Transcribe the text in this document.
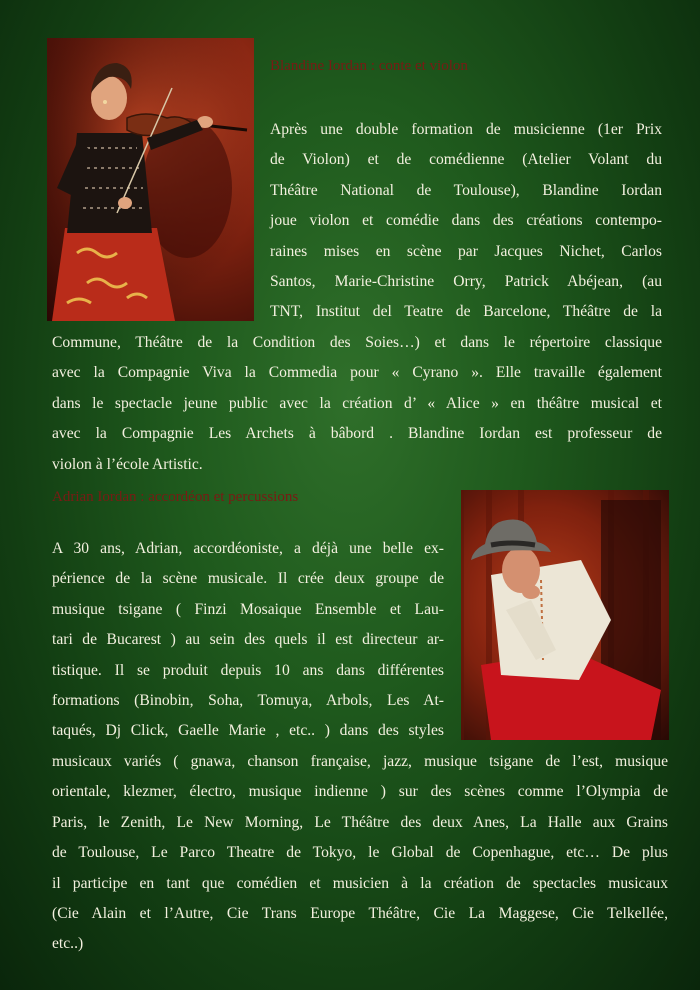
Blandine Iordan : conte et violon
Après une double formation de musicienne (1er Prix
de Violon) et de comédienne (Atelier Volant du
Théâtre National de Toulouse), Blandine Iordan
joue violon et comédie dans des créations contempo-
raines mises en scène par Jacques Nichet, Carlos
Santos, Marie-Christine Orry, Patrick Abéjean, (au
TNT, Institut del Teatre de Barcelone, Théâtre de la
Commune, Théâtre de la Condition des Soies…) et dans le répertoire classique
avec la Compagnie Viva la Commedia pour « Cyrano ». Elle travaille également
dans le spectacle jeune public avec la création d’ « Alice » en théâtre musical et
avec la Compagnie Les Archets à bâbord . Blandine Iordan est professeur de
violon à l’école Artistic.
Adrian Iordan : accordéon et percussions
A 30 ans, Adrian, accordéoniste, a déjà une belle ex-
périence de la scène musicale. Il crée deux groupe de
musique tsigane ( Finzi Mosaique Ensemble et Lau-
tari de Bucarest ) au sein des quels il est directeur ar-
tistique. Il se produit depuis 10 ans dans différentes
formations (Binobin, Soha, Tomuya, Arbols, Les At-
taqués, Dj Click, Gaelle Marie , etc.. ) dans des styles
musicaux variés ( gnawa, chanson française, jazz, musique tsigane de l’est, musique
orientale, klezmer, électro, musique indienne ) sur des scènes comme l’Olympia de
Paris, le Zenith, Le New Morning, Le Théâtre des deux Anes, La Halle aux Grains
de Toulouse, Le Parco Theatre de Tokyo, le Global de Copenhague, etc… De plus
il participe en tant que comédien et musicien à la création de spectacles musicaux
(Cie Alain et l’Autre, Cie Trans Europe Théâtre, Cie La Maggese, Cie Telkellée,
etc..)
